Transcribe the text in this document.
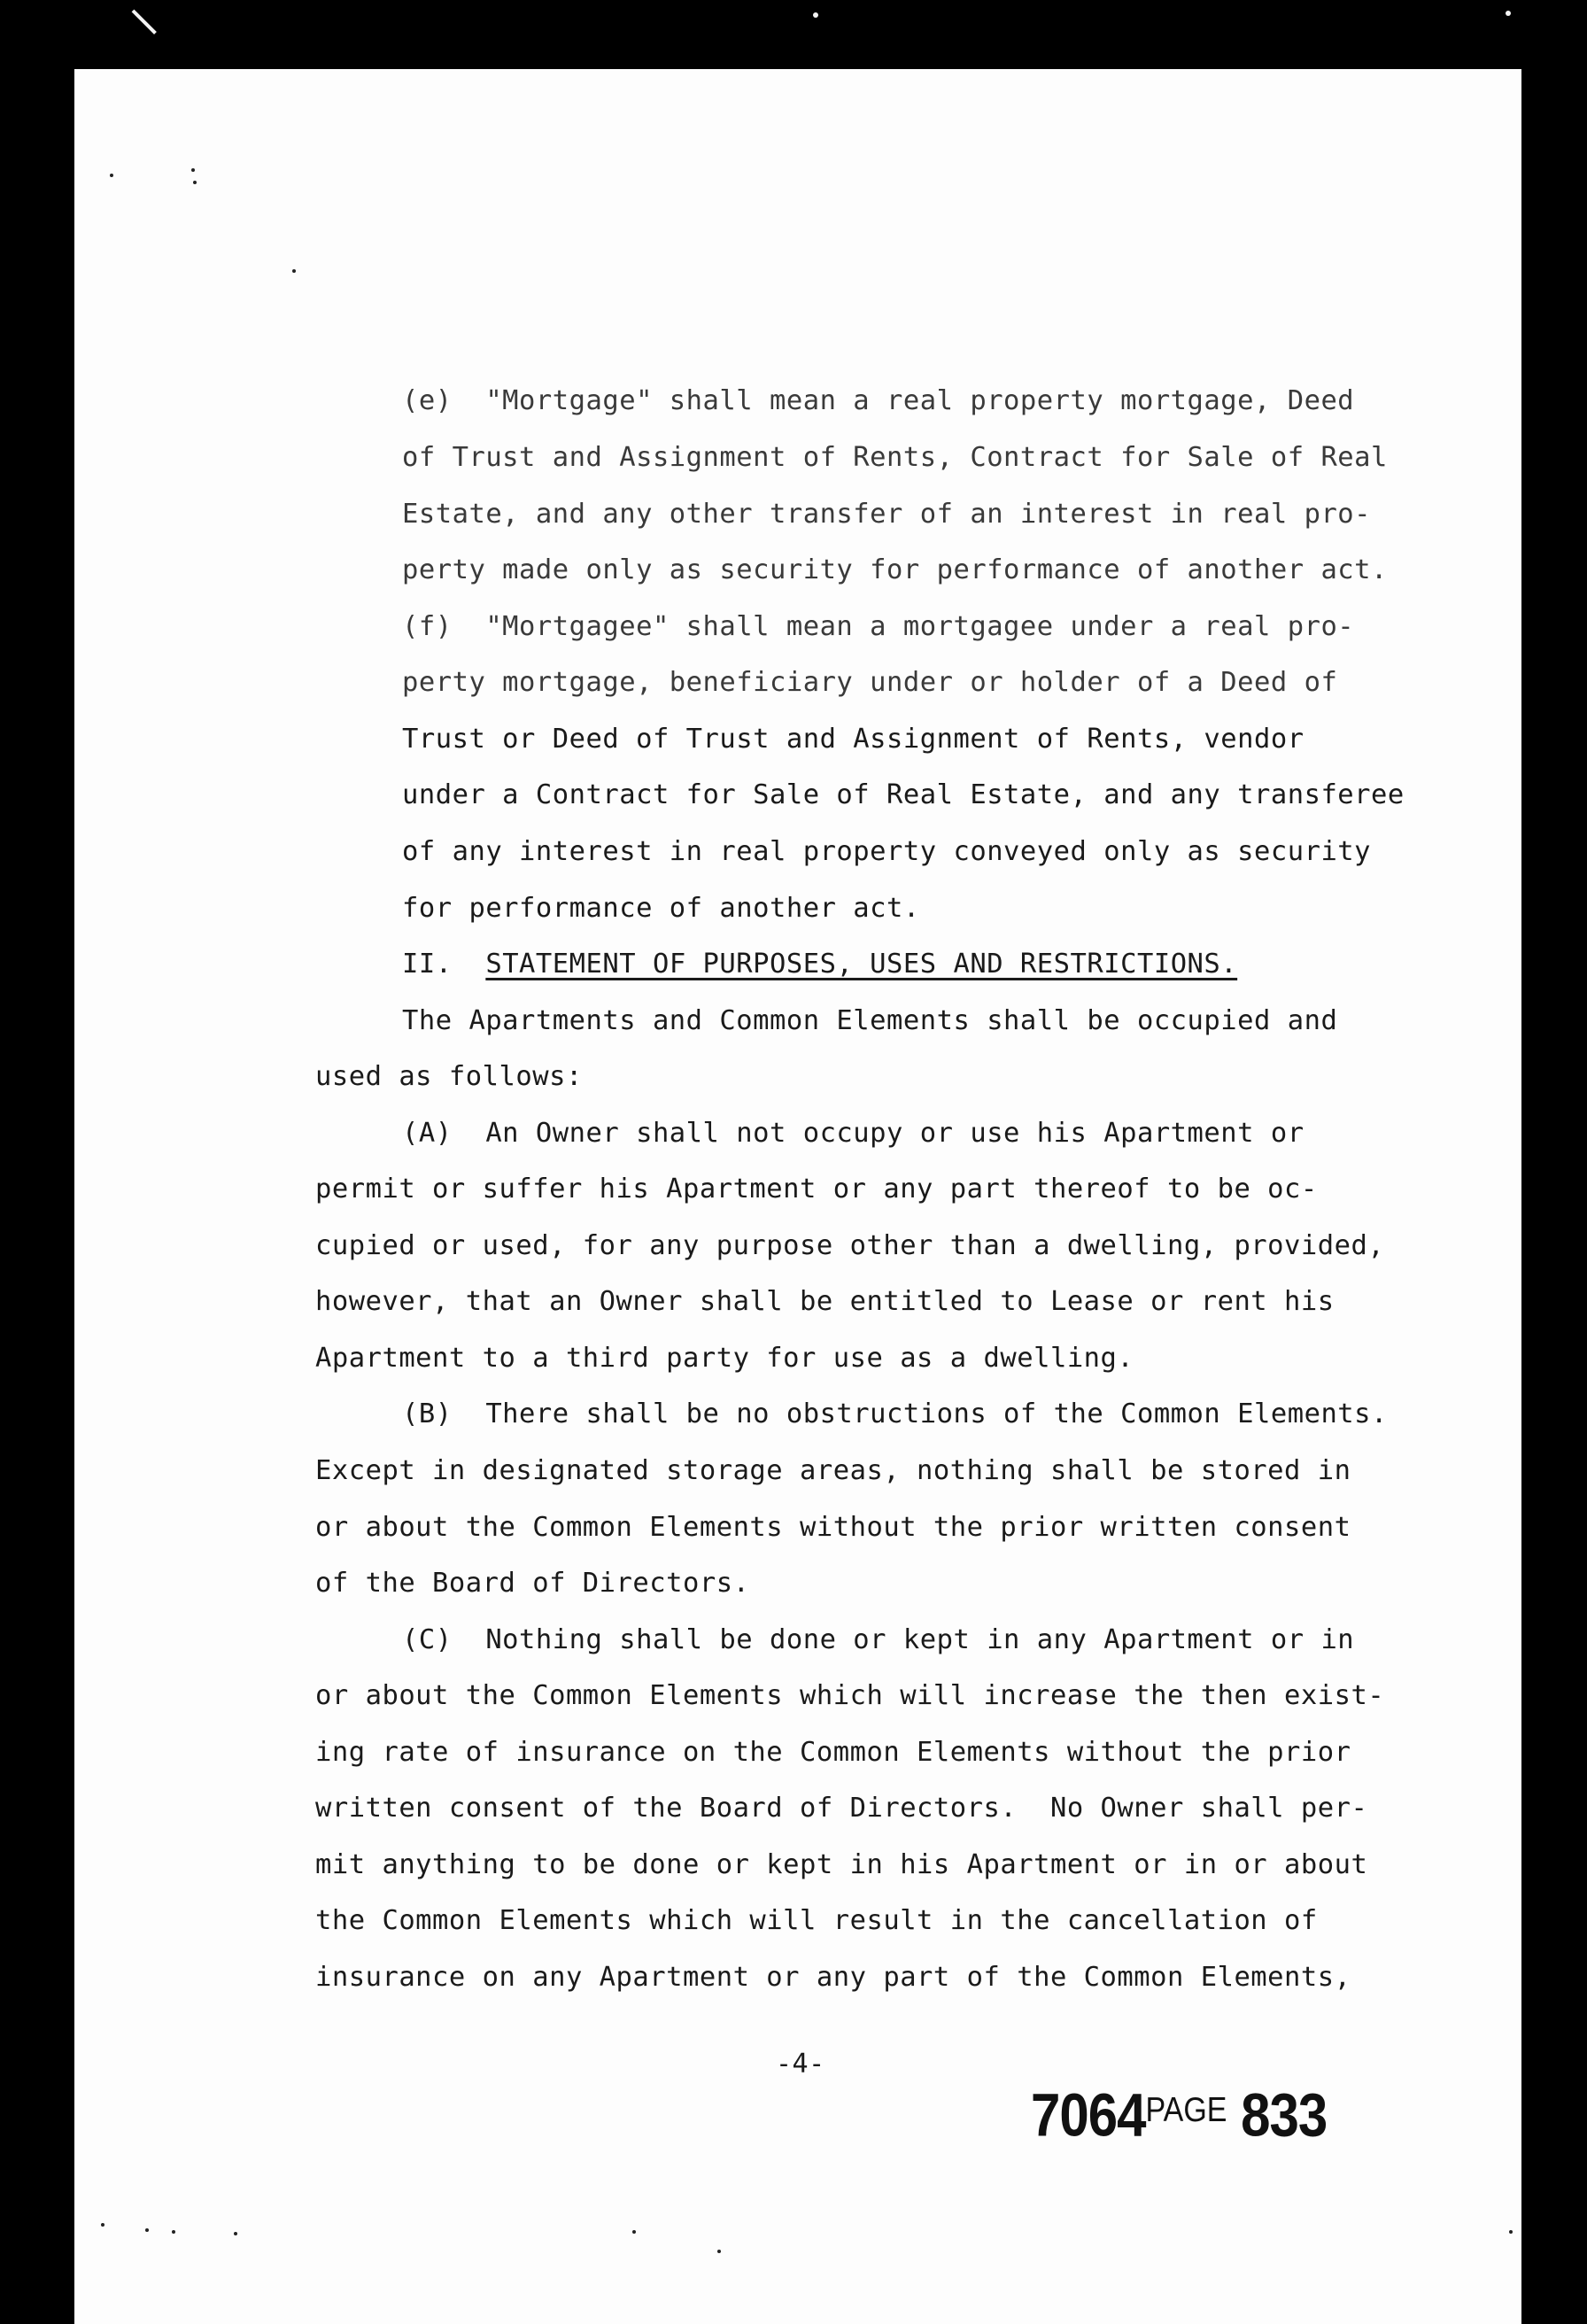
(e)  "Mortgage" shall mean a real property mortgage, Deed
of Trust and Assignment of Rents, Contract for Sale of Real
Estate, and any other transfer of an interest in real pro-
perty made only as security for performance of another act.
(f)  "Mortgagee" shall mean a mortgagee under a real pro-
perty mortgage, beneficiary under or holder of a Deed of
Trust or Deed of Trust and Assignment of Rents, vendor
under a Contract for Sale of Real Estate, and any transferee
of any interest in real property conveyed only as security
for performance of another act.
II. STATEMENT OF PURPOSES, USES AND RESTRICTIONS.
The Apartments and Common Elements shall be occupied and
used as follows:
(A)  An Owner shall not occupy or use his Apartment or
permit or suffer his Apartment or any part thereof to be oc-
cupied or used, for any purpose other than a dwelling, provided,
however, that an Owner shall be entitled to Lease or rent his
Apartment to a third party for use as a dwelling.
(B)  There shall be no obstructions of the Common Elements.
Except in designated storage areas, nothing shall be stored in
or about the Common Elements without the prior written consent
of the Board of Directors.
(C)  Nothing shall be done or kept in any Apartment or in
or about the Common Elements which will increase the then exist-
ing rate of insurance on the Common Elements without the prior
written consent of the Board of Directors.  No Owner shall per-
mit anything to be done or kept in his Apartment or in or about
the Common Elements which will result in the cancellation of
insurance on any Apartment or any part of the Common Elements,
-4-
$7064^{PAGE}$ 833
